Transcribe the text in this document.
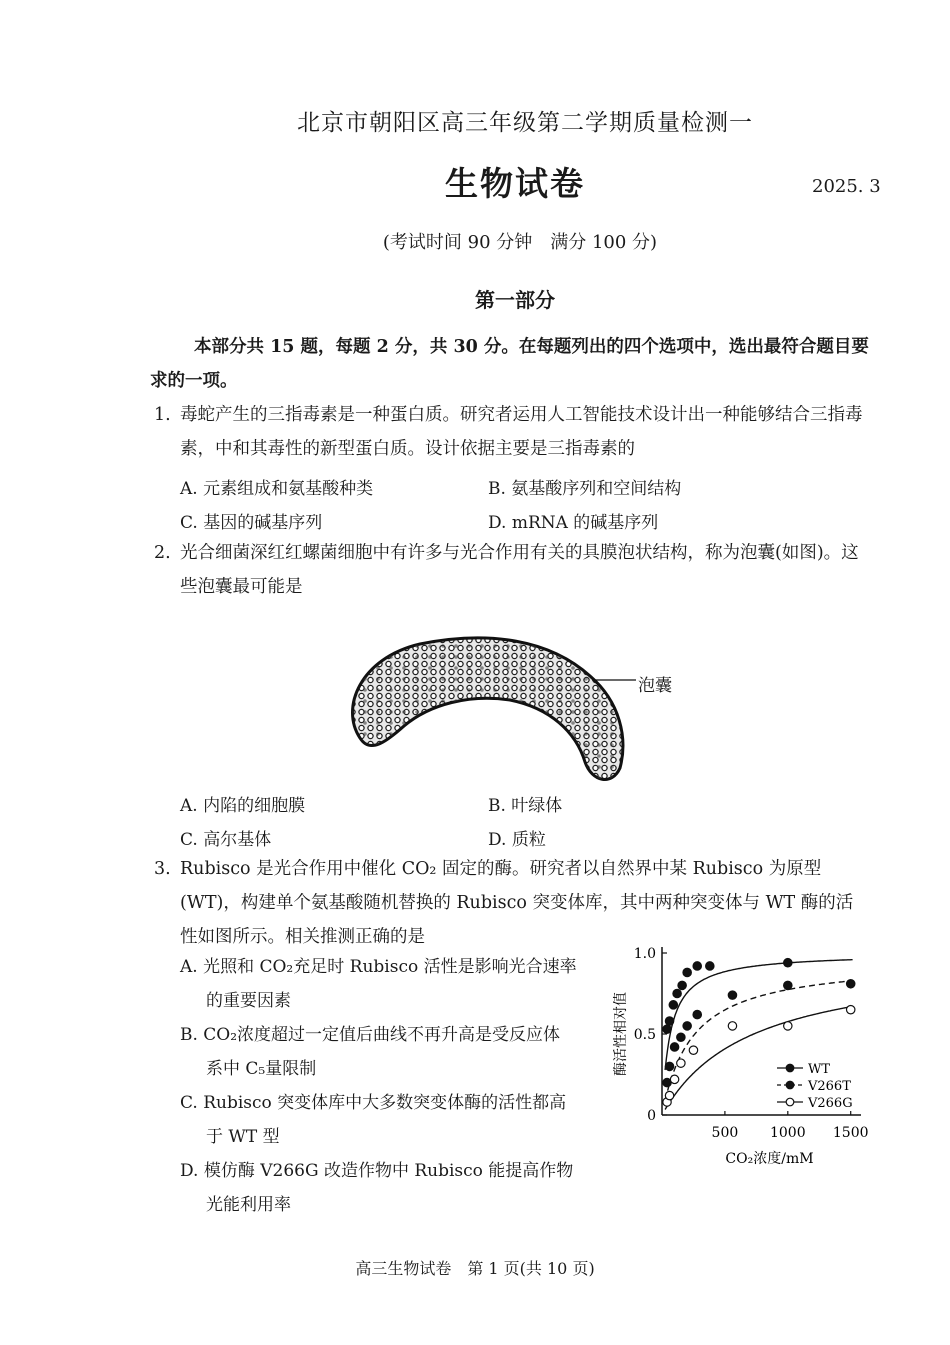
北京市朝阳区高三年级第二学期质量检测一
生物试卷	2025. 3
(考试时间 90 分钟　满分 100 分)
第一部分
本部分共 15 题，每题 2 分，共 30 分。在每题列出的四个选项中，选出最符合题目要求的一项。
1. 毒蛇产生的三指毒素是一种蛋白质。研究者运用人工智能技术设计出一种能够结合三指毒素，中和其毒性的新型蛋白质。设计依据主要是三指毒素的
A. 元素组成和氨基酸种类	B. 氨基酸序列和空间结构
C. 基因的碱基序列	D. mRNA 的碱基序列
2. 光合细菌深红红螺菌细胞中有许多与光合作用有关的具膜泡状结构，称为泡囊(如图)。这些泡囊最可能是
泡囊
A. 内陷的细胞膜	B. 叶绿体
C. 高尔基体	D. 质粒
3. Rubisco 是光合作用中催化 CO₂ 固定的酶。研究者以自然界中某 Rubisco 为原型(WT)，构建单个氨基酸随机替换的 Rubisco 突变体库，其中两种突变体与 WT 酶的活性如图所示。相关推测正确的是
A. 光照和 CO₂充足时 Rubisco 活性是影响光合速率
的重要因素
B. CO₂浓度超过一定值后曲线不再升高是受反应体
系中 C₅量限制
C. Rubisco 突变体库中大多数突变体酶的活性都高
于 WT 型
D. 模仿酶 V266G 改造作物中 Rubisco 能提高作物
光能利用率
0
0.5
1.0
500 1000 1500
WT
V266T
V266G
酶活性相对值
CO₂浓度/mM
高三生物试卷　第 1 页(共 10 页)
